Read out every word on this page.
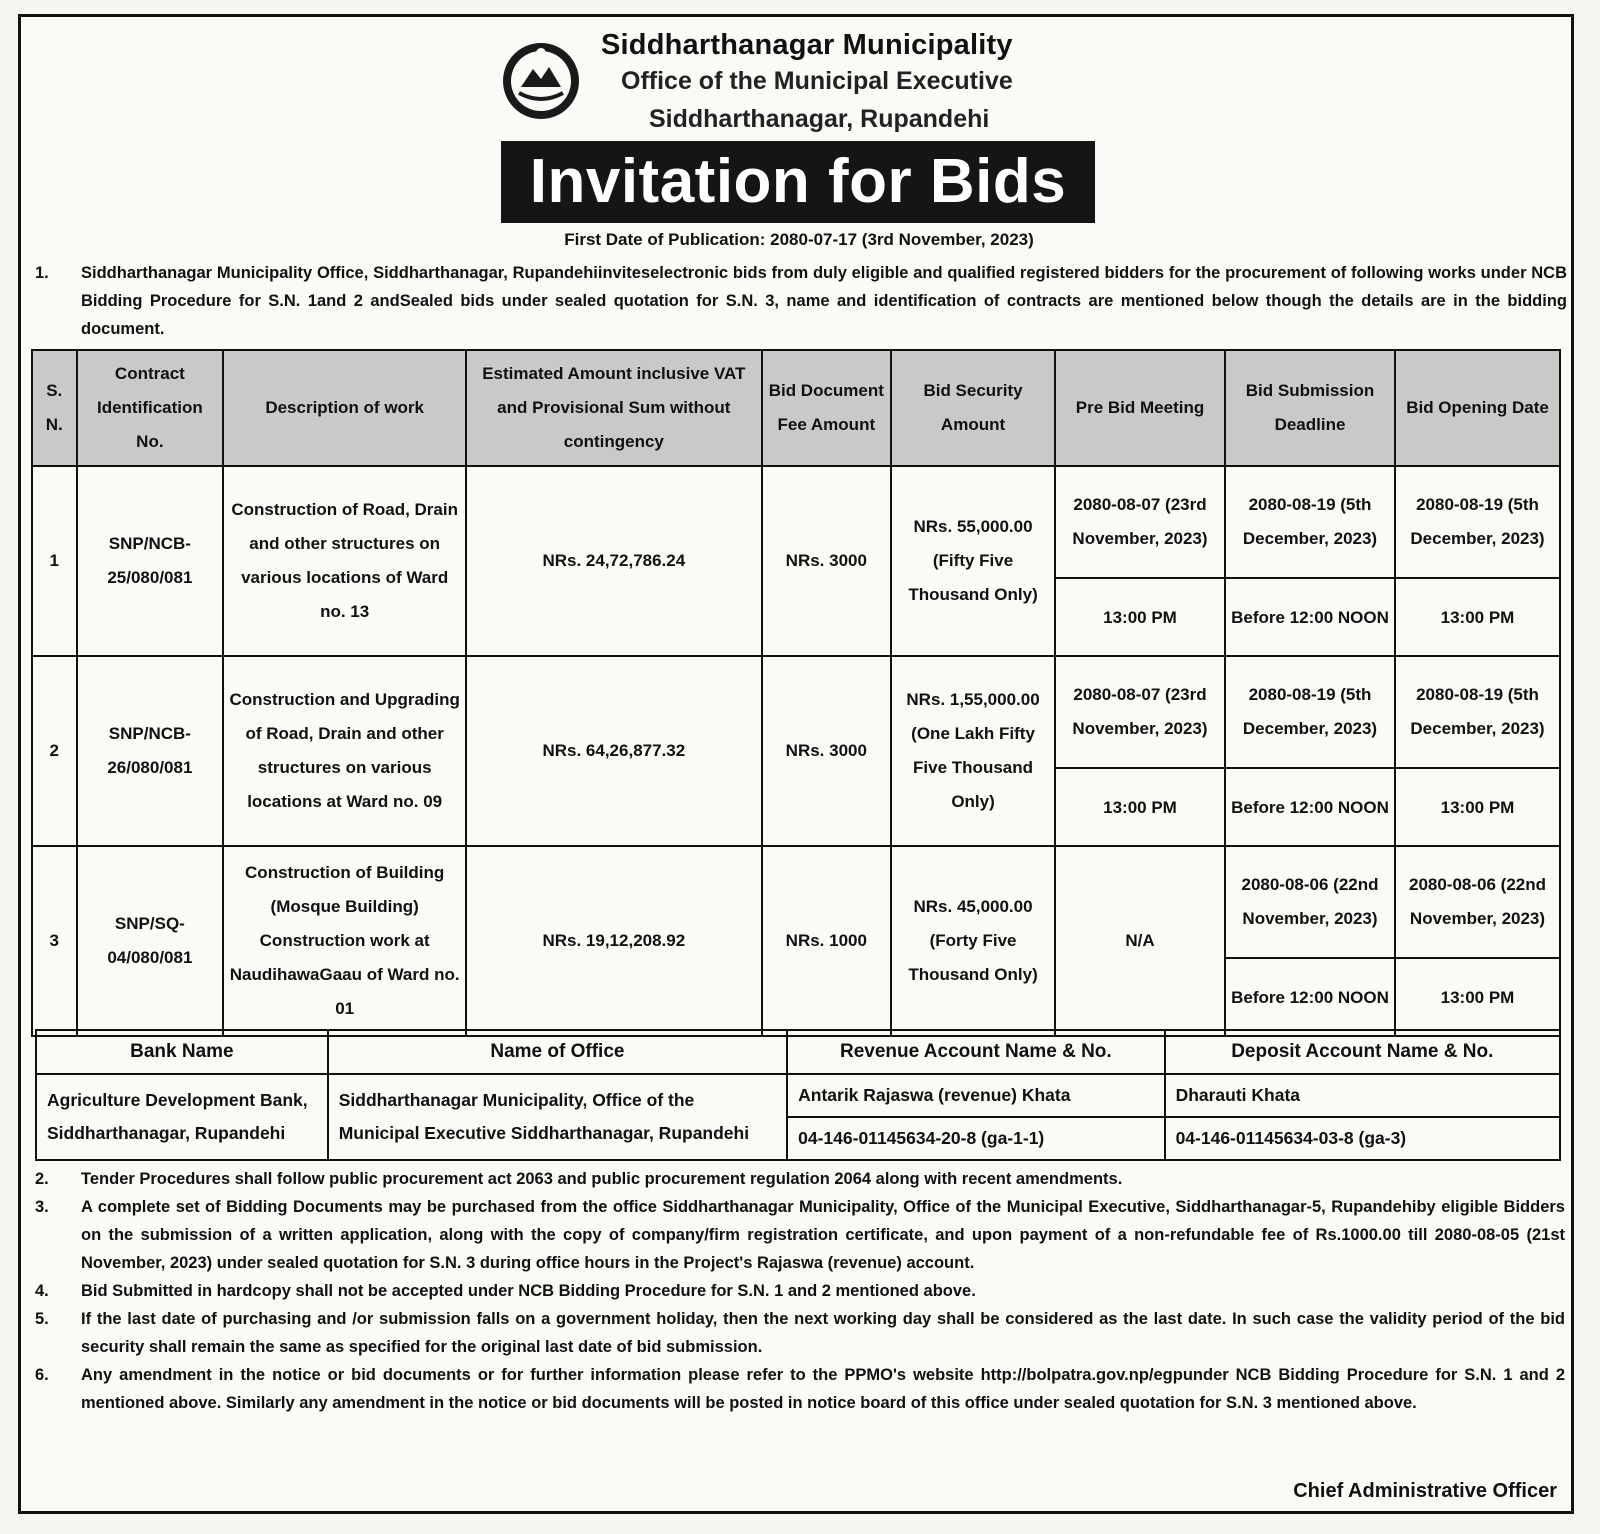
Siddharthanagar Municipality
Office of the Municipal Executive
Siddharthanagar, Rupandehi
Invitation for Bids
First Date of Publication: 2080-07-17 (3rd November, 2023)
1.	Siddharthanagar Municipality Office, Siddharthanagar, Rupandehiinviteselectronic bids from duly eligible and qualified registered bidders for the procurement of following works under NCB Bidding Procedure for S.N. 1and 2 andSealed bids under sealed quotation for S.N. 3, name and identification of contracts are mentioned below though the details are in the bidding document.
S. N.	Contract Identification No.	Description of work	Estimated Amount inclusive VAT and Provisional Sum without contingency	Bid Document Fee Amount	Bid Security Amount	Pre Bid Meeting	Bid Submission Deadline	Bid Opening Date
1	SNP/NCB-25/080/081	Construction of Road, Drain and other structures on various locations of Ward no. 13	NRs. 24,72,786.24	NRs. 3000	NRs. 55,000.00 (Fifty Five Thousand Only)	2080-08-07 (23rd November, 2023)	2080-08-19 (5th December, 2023)	2080-08-19 (5th December, 2023)
						13:00 PM	Before 12:00 NOON	13:00 PM
2	SNP/NCB-26/080/081	Construction and Upgrading of Road, Drain and other structures on various locations at Ward no. 09	NRs. 64,26,877.32	NRs. 3000	NRs. 1,55,000.00 (One Lakh Fifty Five Thousand Only)	2080-08-07 (23rd November, 2023)	2080-08-19 (5th December, 2023)	2080-08-19 (5th December, 2023)
						13:00 PM	Before 12:00 NOON	13:00 PM
3	SNP/SQ-04/080/081	Construction of Building (Mosque Building) Construction work at NaudihawaGaau of Ward no. 01	NRs. 19,12,208.92	NRs. 1000	NRs. 45,000.00 (Forty Five Thousand Only)	N/A	2080-08-06 (22nd November, 2023)	2080-08-06 (22nd November, 2023)
							Before 12:00 NOON	13:00 PM
Bank Name	Name of Office	Revenue Account Name & No.	Deposit Account Name & No.
Agriculture Development Bank, Siddharthanagar, Rupandehi	Siddharthanagar Municipality, Office of the Municipal Executive Siddharthanagar, Rupandehi	Antarik Rajaswa (revenue) Khata	Dharauti Khata
		04-146-01145634-20-8 (ga-1-1)	04-146-01145634-03-8 (ga-3)
2.	Tender Procedures shall follow public procurement act 2063 and public procurement regulation 2064 along with recent amendments.
3.	A complete set of Bidding Documents may be purchased from the office Siddharthanagar Municipality, Office of the Municipal Executive, Siddharthanagar-5, Rupandehiby eligible Bidders on the submission of a written application, along with the copy of company/firm registration certificate, and upon payment of a non-refundable fee of Rs.1000.00 till 2080-08-05 (21st November, 2023) under sealed quotation for S.N. 3 during office hours in the Project's Rajaswa (revenue) account.
4.	Bid Submitted in hardcopy shall not be accepted under NCB Bidding Procedure for S.N. 1 and 2 mentioned above.
5.	If the last date of purchasing and /or submission falls on a government holiday, then the next working day shall be considered as the last date. In such case the validity period of the bid security shall remain the same as specified for the original last date of bid submission.
6.	Any amendment in the notice or bid documents or for further information please refer to the PPMO's website http://bolpatra.gov.np/egpunder NCB Bidding Procedure for S.N. 1 and 2 mentioned above. Similarly any amendment in the notice or bid documents will be posted in notice board of this office under sealed quotation for S.N. 3 mentioned above.
Chief Administrative Officer
